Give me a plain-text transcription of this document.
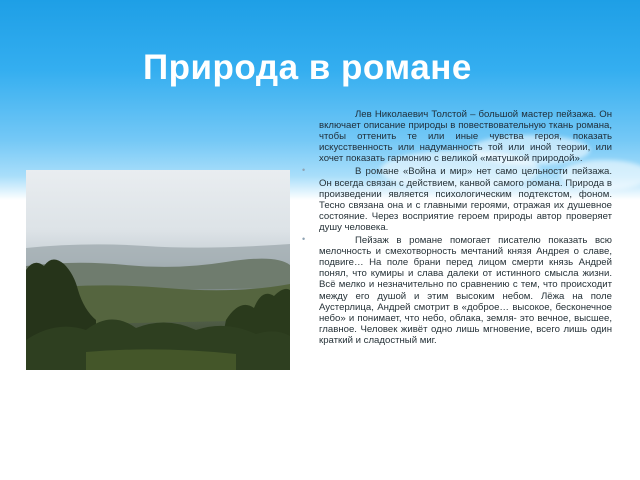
Природа в романе

Лев Николаевич Толстой – большой мастер пейзажа. Он включает описание природы в повествовательную ткань романа, чтобы оттенить те или иные чувства героя, показать искусственность или надуманность той или иной теории, или хочет показать гармонию с великой «матушкой природой».

•	В романе «Война и мир» нет само цельности пейзажа. Он всегда связан с действием, канвой самого романа. Природа в произведении является психологическим подтекстом, фоном. Тесно связана она и с главными героями, отражая их душевное состояние. Через восприятие героем природы автор проверяет душу человека.

•	Пейзаж в романе помогает писателю показать всю мелочность и смехотворность мечтаний князя Андрея о славе, подвиге… На поле брани перед лицом смерти князь Андрей понял, что кумиры и слава далеки от истинного смысла жизни. Всё мелко и незначительно по сравнению с тем, что происходит между его душой и этим высоким небом. Лёжа на поле Аустерлица, Андрей смотрит в «доброе… высокое, бесконечное небо» и понимает, что небо, облака, земля- это вечное, высшее, главное. Человек живёт одно лишь мгновение, всего лишь один краткий и сладостный миг.
